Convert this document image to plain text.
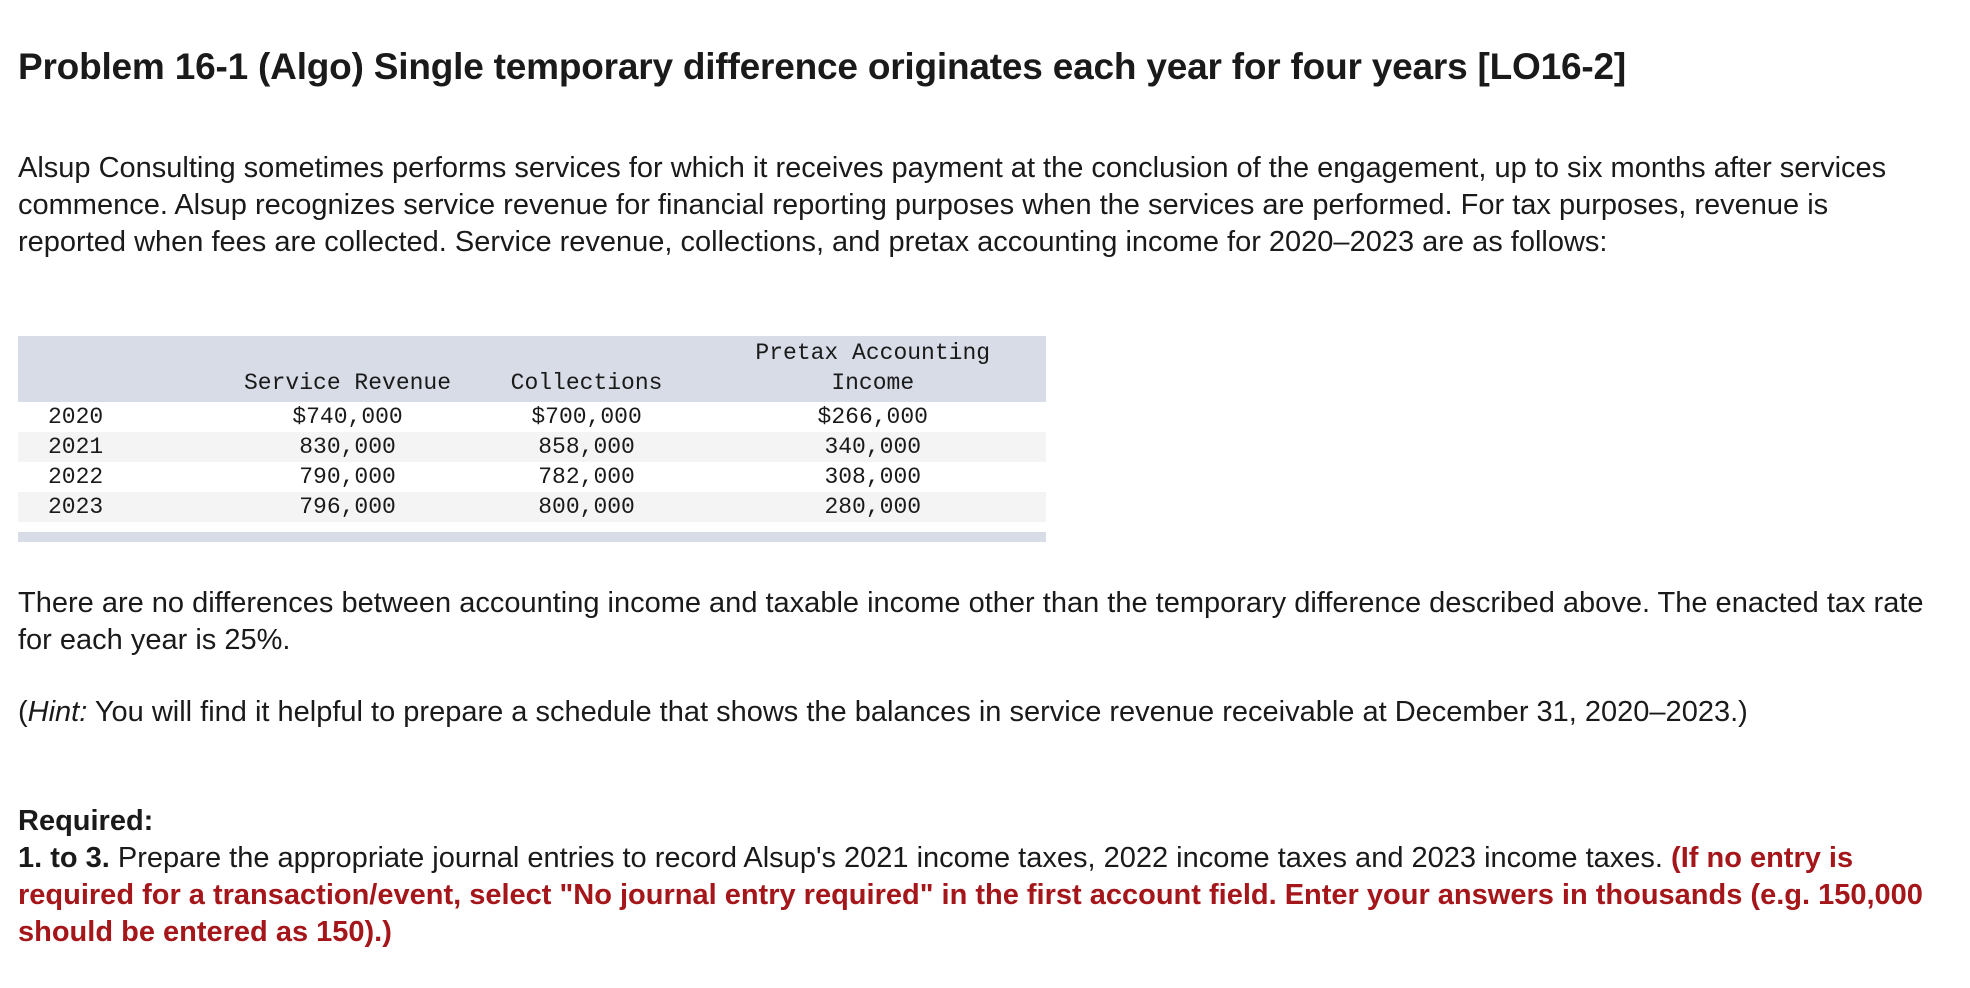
Problem 16-1 (Algo) Single temporary difference originates each year for four years [LO16-2]

Alsup Consulting sometimes performs services for which it receives payment at the conclusion of the engagement, up to six months after services commence. Alsup recognizes service revenue for financial reporting purposes when the services are performed. For tax purposes, revenue is reported when fees are collected. Service revenue, collections, and pretax accounting income for 2020–2023 are as follows:

	Service Revenue	Collections	Pretax Accounting
Income
2020	$740,000	$700,000	$266,000
2021	830,000	858,000	340,000
2022	790,000	782,000	308,000
2023	796,000	800,000	280,000

There are no differences between accounting income and taxable income other than the temporary difference described above. The enacted tax rate for each year is 25%.

(Hint: You will find it helpful to prepare a schedule that shows the balances in service revenue receivable at December 31, 2020–2023.)

Required:
1. to 3. Prepare the appropriate journal entries to record Alsup's 2021 income taxes, 2022 income taxes and 2023 income taxes. (If no entry is required for a transaction/event, select "No journal entry required" in the first account field. Enter your answers in thousands (e.g. 150,000 should be entered as 150).)
